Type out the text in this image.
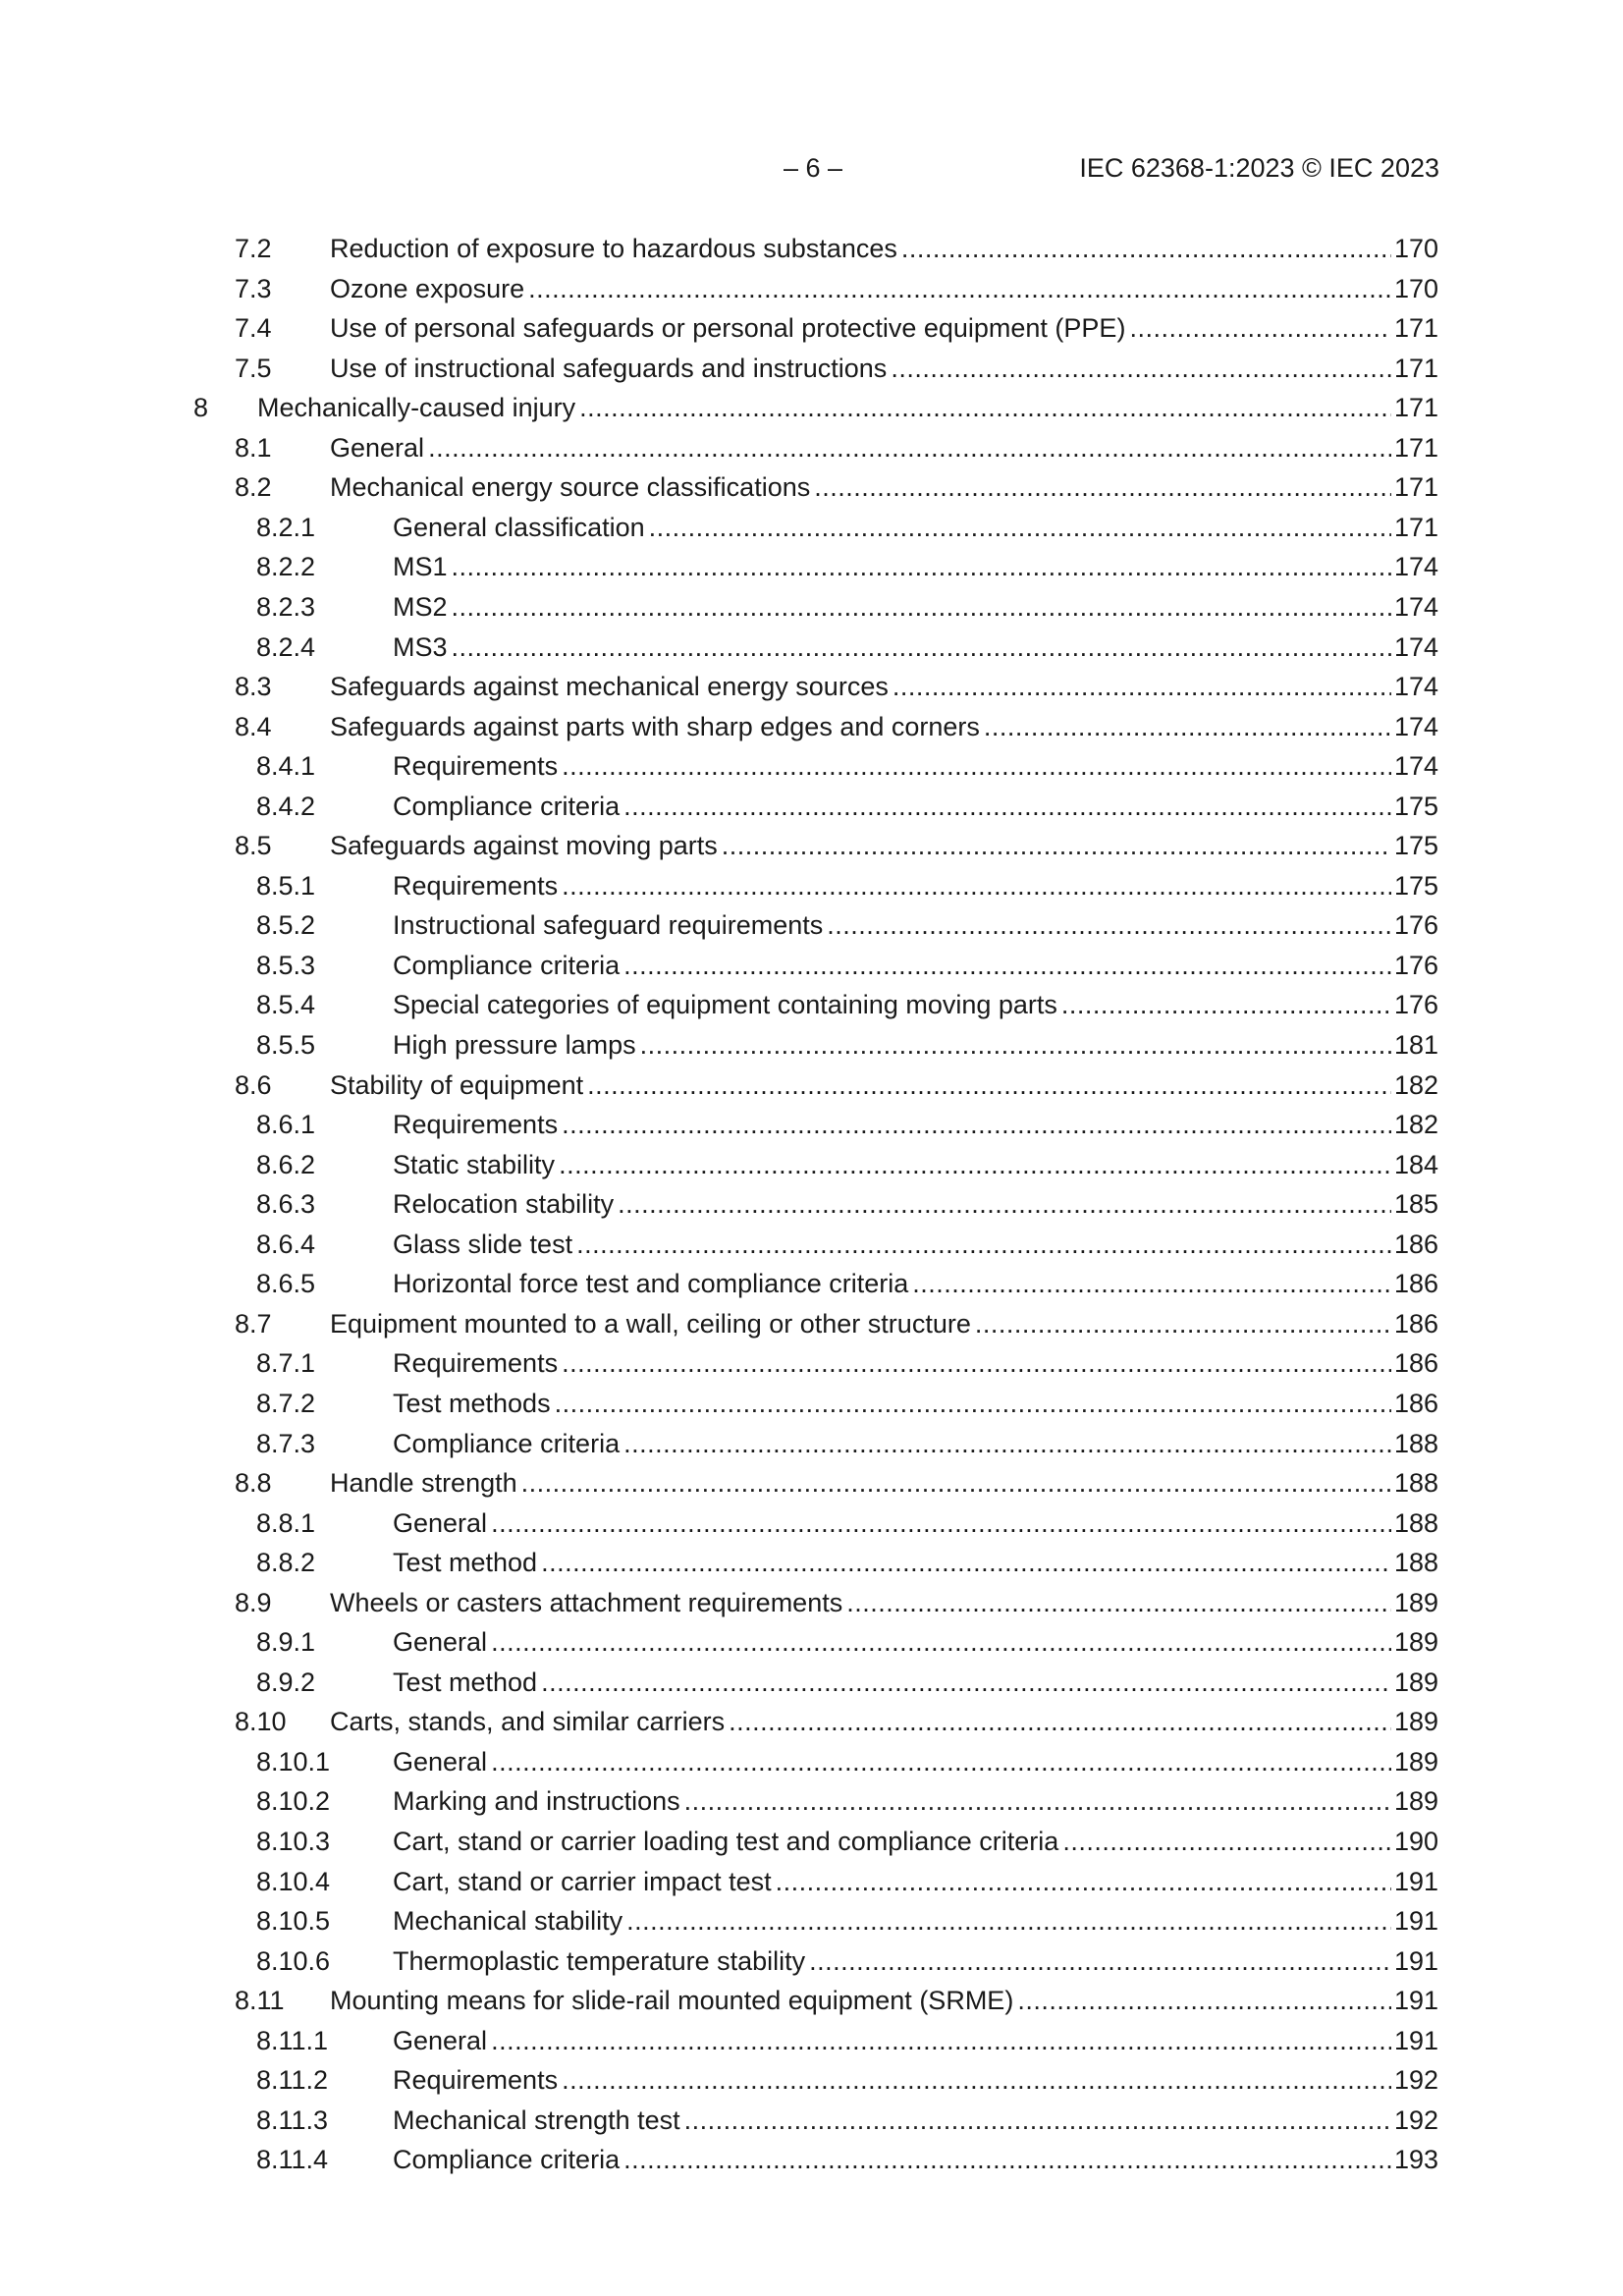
– 6 –	IEC 62368-1:2023 © IEC 2023
7.2 Reduction of exposure to hazardous substances .....	170
7.3 Ozone exposure .....	170
7.4 Use of personal safeguards or personal protective equipment (PPE) .....	171
7.5 Use of instructional safeguards and instructions .....	171
8 Mechanically-caused injury .....	171
8.1 General .....	171
8.2 Mechanical energy source classifications .....	171
8.2.1	General classification .....	171
8.2.2	MS1 .....	174
8.2.3	MS2 .....	174
8.2.4	MS3 .....	174
8.3 Safeguards against mechanical energy sources .....	174
8.4 Safeguards against parts with sharp edges and corners .....	174
8.4.1	Requirements .....	174
8.4.2	Compliance criteria .....	175
8.5 Safeguards against moving parts .....	175
8.5.1	Requirements .....	175
8.5.2	Instructional safeguard requirements .....	176
8.5.3	Compliance criteria .....	176
8.5.4	Special categories of equipment containing moving parts .....	176
8.5.5	High pressure lamps .....	181
8.6 Stability of equipment .....	182
8.6.1	Requirements .....	182
8.6.2	Static stability .....	184
8.6.3	Relocation stability .....	185
8.6.4	Glass slide test .....	186
8.6.5	Horizontal force test and compliance criteria .....	186
8.7 Equipment mounted to a wall, ceiling or other structure .....	186
8.7.1	Requirements .....	186
8.7.2	Test methods .....	186
8.7.3	Compliance criteria .....	188
8.8 Handle strength .....	188
8.8.1	General .....	188
8.8.2	Test method .....	188
8.9 Wheels or casters attachment requirements .....	189
8.9.1	General .....	189
8.9.2	Test method .....	189
8.10 Carts, stands, and similar carriers .....	189
8.10.1 General .....	189
8.10.2 Marking and instructions .....	189
8.10.3 Cart, stand or carrier loading test and compliance criteria .....	190
8.10.4 Cart, stand or carrier impact test .....	191
8.10.5 Mechanical stability .....	191
8.10.6 Thermoplastic temperature stability .....	191
8.11 Mounting means for slide-rail mounted equipment (SRME) .....	191
8.11.1 General .....	191
8.11.2 Requirements .....	192
8.11.3 Mechanical strength test .....	192
8.11.4 Compliance criteria .....	193
